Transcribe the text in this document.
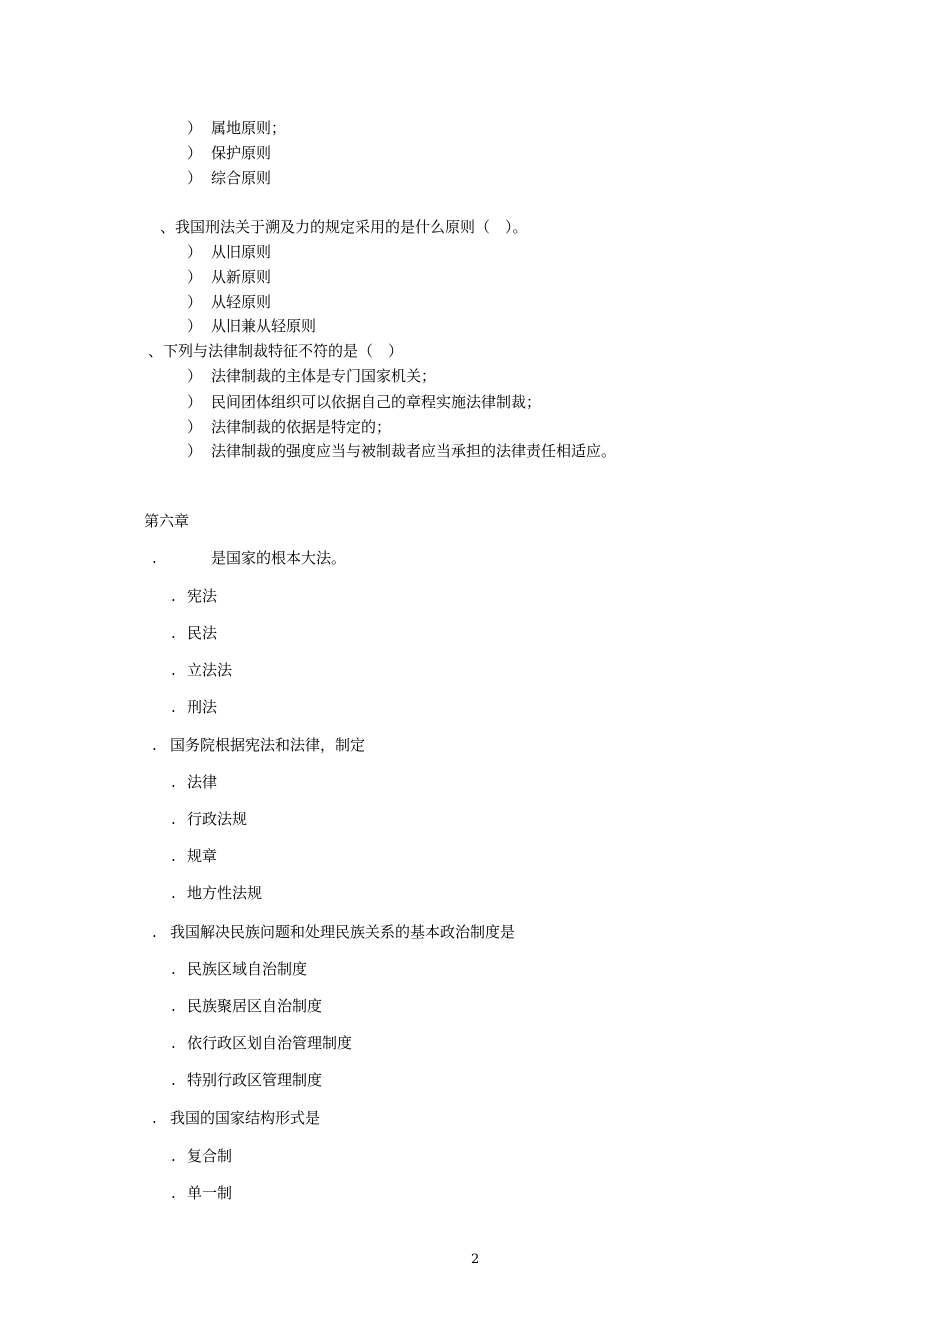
） 属地原则；
） 保护原则
） 综合原则
、我国刑法关于溯及力的规定采用的是什么原则（　）。
） 从旧原则
） 从新原则
） 从轻原则
） 从旧兼从轻原则
、下列与法律制裁特征不符的是（　）
） 法律制裁的主体是专门国家机关；
） 民间团体组织可以依据自己的章程实施法律制裁；
） 法律制裁的依据是特定的；
） 法律制裁的强度应当与被制裁者应当承担的法律责任相适应。
第六章
.	是国家的根本大法。
. 宪法
. 民法
. 立法法
. 刑法
. 国务院根据宪法和法律，制定
. 法律
. 行政法规
. 规章
. 地方性法规
. 我国解决民族问题和处理民族关系的基本政治制度是
. 民族区域自治制度
. 民族聚居区自治制度
. 依行政区划自治管理制度
. 特别行政区管理制度
. 我国的国家结构形式是
. 复合制
. 单一制
2
